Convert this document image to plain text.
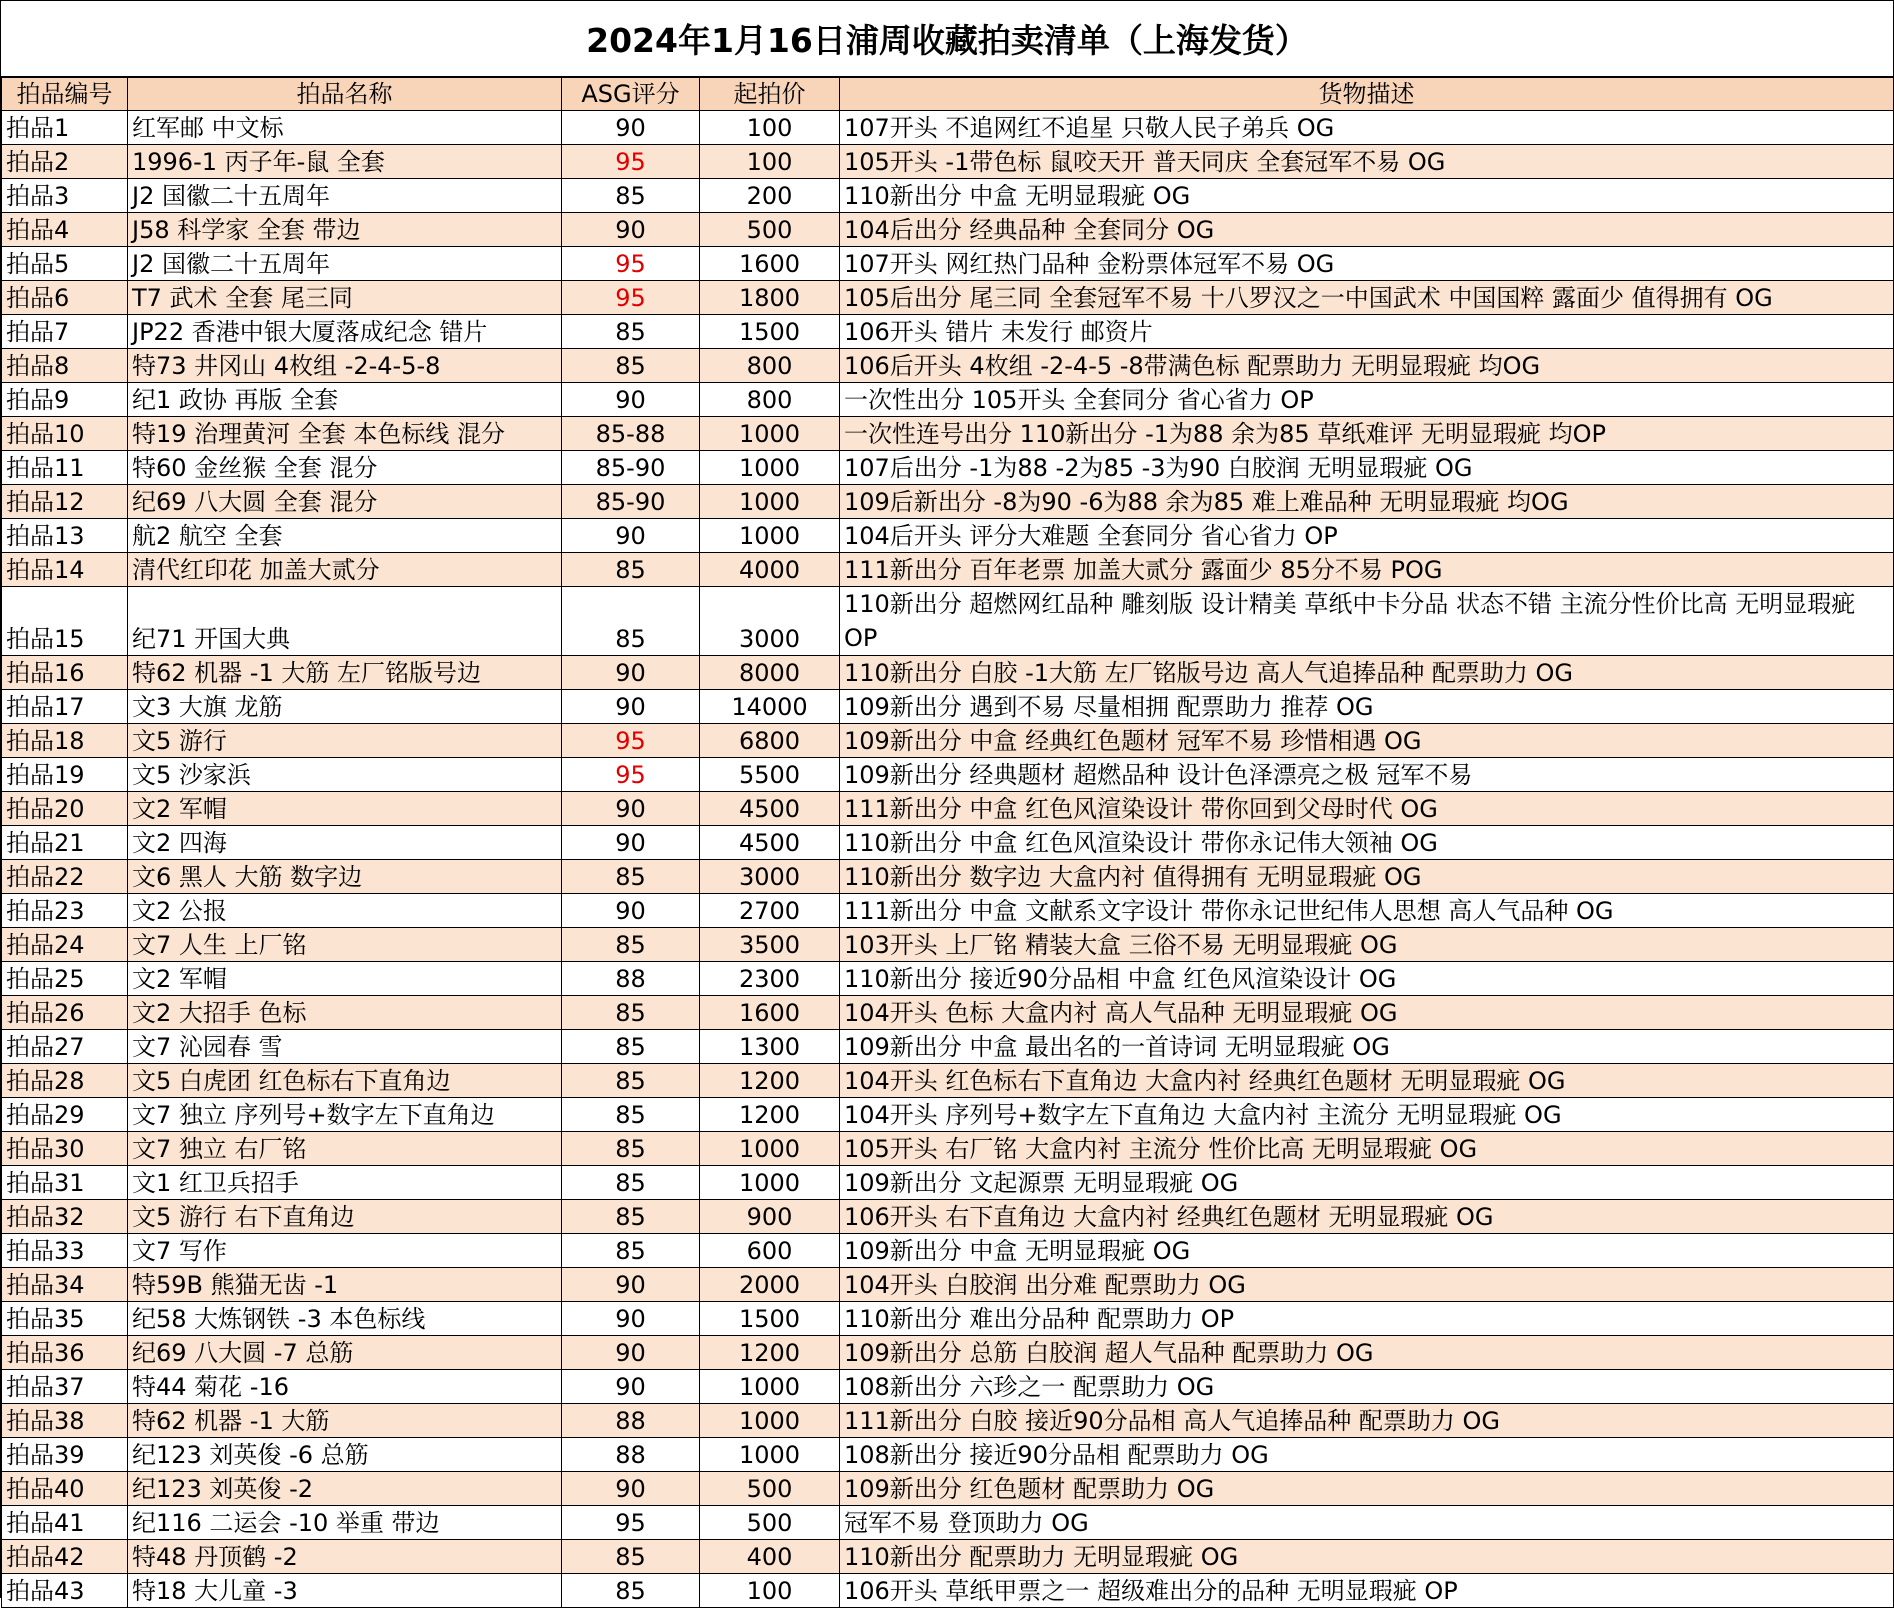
2024年1月16日浦周收藏拍卖清单（上海发货）
拍品编号	拍品名称	ASG评分	起拍价	货物描述
拍品1	红军邮 中文标	90	100	107开头 不追网红不追星 只敬人民子弟兵 OG
拍品2	1996-1 丙子年-鼠 全套	95	100	105开头 -1带色标 鼠咬天开 普天同庆 全套冠军不易 OG
拍品3	J2 国徽二十五周年	85	200	110新出分 中盒 无明显瑕疵 OG
拍品4	J58 科学家 全套 带边	90	500	104后出分 经典品种 全套同分 OG
拍品5	J2 国徽二十五周年	95	1600	107开头 网红热门品种 金粉票体冠军不易 OG
拍品6	T7 武术 全套 尾三同	95	1800	105后出分 尾三同 全套冠军不易 十八罗汉之一中国武术 中国国粹 露面少 值得拥有 OG
拍品7	JP22 香港中银大厦落成纪念 错片	85	1500	106开头 错片 未发行 邮资片
拍品8	特73 井冈山 4枚组 -2-4-5-8	85	800	106后开头 4枚组 -2-4-5 -8带满色标 配票助力 无明显瑕疵 均OG
拍品9	纪1 政协 再版 全套	90	800	一次性出分 105开头 全套同分 省心省力 OP
拍品10	特19 治理黄河 全套 本色标线 混分	85-88	1000	一次性连号出分 110新出分 -1为88 余为85 草纸难评 无明显瑕疵 均OP
拍品11	特60 金丝猴 全套 混分	85-90	1000	107后出分 -1为88 -2为85 -3为90 白胶润 无明显瑕疵 OG
拍品12	纪69 八大圆 全套 混分	85-90	1000	109后新出分 -8为90 -6为88 余为85 难上难品种 无明显瑕疵 均OG
拍品13	航2 航空 全套	90	1000	104后开头 评分大难题 全套同分 省心省力 OP
拍品14	清代红印花 加盖大贰分	85	4000	111新出分 百年老票 加盖大贰分 露面少 85分不易 POG
拍品15	纪71 开国大典	85	3000	110新出分 超燃网红品种 雕刻版 设计精美 草纸中卡分品 状态不错 主流分性价比高 无明显瑕疵 OP
拍品16	特62 机器 -1 大筋 左厂铭版号边	90	8000	110新出分 白胶 -1大筋 左厂铭版号边 高人气追捧品种 配票助力 OG
拍品17	文3 大旗 龙筋	90	14000	109新出分 遇到不易 尽量相拥 配票助力 推荐 OG
拍品18	文5 游行	95	6800	109新出分 中盒 经典红色题材 冠军不易 珍惜相遇 OG
拍品19	文5 沙家浜	95	5500	109新出分 经典题材 超燃品种 设计色泽漂亮之极 冠军不易
拍品20	文2 军帽	90	4500	111新出分 中盒 红色风渲染设计 带你回到父母时代 OG
拍品21	文2 四海	90	4500	110新出分 中盒 红色风渲染设计 带你永记伟大领袖 OG
拍品22	文6 黑人 大筋 数字边	85	3000	110新出分 数字边 大盒内衬 值得拥有 无明显瑕疵 OG
拍品23	文2 公报	90	2700	111新出分 中盒 文献系文字设计 带你永记世纪伟人思想 高人气品种 OG
拍品24	文7 人生 上厂铭	85	3500	103开头 上厂铭 精装大盒 三俗不易 无明显瑕疵 OG
拍品25	文2 军帽	88	2300	110新出分 接近90分品相 中盒 红色风渲染设计 OG
拍品26	文2 大招手 色标	85	1600	104开头 色标 大盒内衬 高人气品种 无明显瑕疵 OG
拍品27	文7 沁园春 雪	85	1300	109新出分 中盒 最出名的一首诗词 无明显瑕疵 OG
拍品28	文5 白虎团 红色标右下直角边	85	1200	104开头 红色标右下直角边 大盒内衬 经典红色题材 无明显瑕疵 OG
拍品29	文7 独立 序列号+数字左下直角边	85	1200	104开头 序列号+数字左下直角边 大盒内衬 主流分 无明显瑕疵 OG
拍品30	文7 独立 右厂铭	85	1000	105开头 右厂铭 大盒内衬 主流分 性价比高 无明显瑕疵 OG
拍品31	文1 红卫兵招手	85	1000	109新出分 文起源票 无明显瑕疵 OG
拍品32	文5 游行 右下直角边	85	900	106开头 右下直角边 大盒内衬 经典红色题材 无明显瑕疵 OG
拍品33	文7 写作	85	600	109新出分 中盒 无明显瑕疵 OG
拍品34	特59B 熊猫无齿 -1	90	2000	104开头 白胶润 出分难 配票助力 OG
拍品35	纪58 大炼钢铁 -3 本色标线	90	1500	110新出分 难出分品种 配票助力 OP
拍品36	纪69 八大圆 -7 总筋	90	1200	109新出分 总筋 白胶润 超人气品种 配票助力 OG
拍品37	特44 菊花 -16	90	1000	108新出分 六珍之一 配票助力 OG
拍品38	特62 机器 -1 大筋	88	1000	111新出分 白胶 接近90分品相 高人气追捧品种 配票助力 OG
拍品39	纪123 刘英俊 -6 总筋	88	1000	108新出分 接近90分品相 配票助力 OG
拍品40	纪123 刘英俊 -2	90	500	109新出分 红色题材 配票助力 OG
拍品41	纪116 二运会 -10 举重 带边	95	500	冠军不易 登顶助力 OG
拍品42	特48 丹顶鹤 -2	85	400	110新出分 配票助力 无明显瑕疵 OG
拍品43	特18 大儿童 -3	85	100	106开头 草纸甲票之一 超级难出分的品种 无明显瑕疵 OP
